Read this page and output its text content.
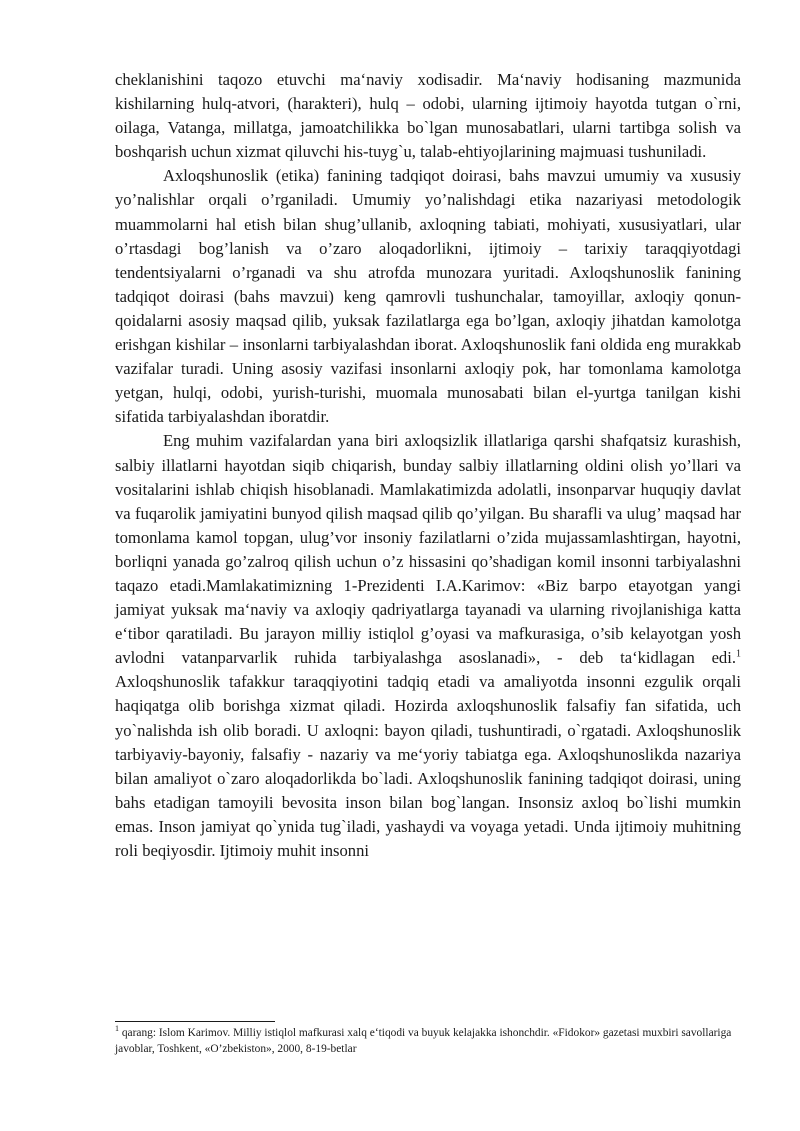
cheklanishini taqozo etuvchi ma‘naviy xodisadir. Ma‘naviy hodisaning mazmunida kishilarning hulq-atvori, (harakteri), hulq – odobi, ularning ijtimoiy hayotda tutgan o`rni, oilaga, Vatanga, millatga, jamoatchilikka bo`lgan munosabatlari, ularni tartibga solish va boshqarish uchun xizmat qiluvchi his-tuyg`u, talab-ehtiyojlarining majmuasi tushuniladi.

Axloqshunoslik (etika) fanining tadqiqot doirasi, bahs mavzui umumiy va xususiy yo’nalishlar orqali o’rganiladi. Umumiy yo’nalishdagi etika nazariyasi metodologik muammolarni hal etish bilan shug’ullanib, axloqning tabiati, mohiyati, xususiyatlari, ular o’rtasdagi bog’lanish va o’zaro aloqadorlikni, ijtimoiy – tarixiy taraqqiyotdagi tendentsiyalarni o’rganadi va shu atrofda munozara yuritadi. Axloqshunoslik fanining tadqiqot doirasi (bahs mavzui) keng qamrovli tushunchalar, tamoyillar, axloqiy qonun-qoidalarni asosiy maqsad qilib, yuksak fazilatlarga ega bo’lgan, axloqiy jihatdan kamolotga erishgan kishilar – insonlarni tarbiyalashdan iborat. Axloqshunoslik fani oldida eng murakkab vazifalar turadi. Uning asosiy vazifasi insonlarni axloqiy pok, har tomonlama kamolotga yetgan, hulqi, odobi, yurish-turishi, muomala munosabati bilan el-yurtga tanilgan kishi sifatida tarbiyalashdan iboratdir.

Eng muhim vazifalardan yana biri axloqsizlik illatlariga qarshi shafqatsiz kurashish, salbiy illatlarni hayotdan siqib chiqarish, bunday salbiy illatlarning oldini olish yo’llari va vositalarini ishlab chiqish hisoblanadi. Mamlakatimizda adolatli, insonparvar huquqiy davlat va fuqarolik jamiyatini bunyod qilish maqsad qilib qo’yilgan. Bu sharafli va ulug’ maqsad har tomonlama kamol topgan, ulug’vor insoniy fazilatlarni o’zida mujassamlashtirgan, hayotni, borliqni yanada go’zalroq qilish uchun o’z hissasini qo’shadigan komil insonni tarbiyalashni taqazo etadi.Mamlakatimizning 1-Prezidenti I.A.Karimov: «Biz barpo etayotgan yangi jamiyat yuksak ma‘naviy va axloqiy qadriyatlarga tayanadi va ularning rivojlanishiga katta e‘tibor qaratiladi. Bu jarayon milliy istiqlol g’oyasi va mafkurasiga, o’sib kelayotgan yosh avlodni vatanparvarlik ruhida tarbiyalashga asoslanadi», - deb ta‘kidlagan edi.$^1$ Axloqshunoslik tafakkur taraqqiyotini tadqiq etadi va amaliyotda insonni ezgulik orqali haqiqatga olib borishga xizmat qiladi. Hozirda axloqshunoslik falsafiy fan sifatida, uch yo`nalishda ish olib boradi. U axloqni: bayon qiladi, tushuntiradi, o`rgatadi. Axloqshunoslik tarbiyaviy-bayoniy, falsafiy - nazariy va me‘yoriy tabiatga ega. Axloqshunoslikda nazariya bilan amaliyot o`zaro aloqadorlikda bo`ladi. Axloqshunoslik fanining tadqiqot doirasi, uning bahs etadigan tamoyili bevosita inson bilan bog`langan. Insonsiz axloq bo`lishi mumkin emas. Inson jamiyat qo`ynida tug`iladi, yashaydi va voyaga yetadi. Unda ijtimoiy muhitning roli beqiyosdir. Ijtimoiy muhit insonni

$^1$ qarang: Islom Karimov. Milliy istiqlol mafkurasi xalq e‘tiqodi va buyuk kelajakka ishonchdir. «Fidokor» gazetasi muxbiri savollariga javoblar, Toshkent, «O’zbekiston», 2000, 8-19-betlar
